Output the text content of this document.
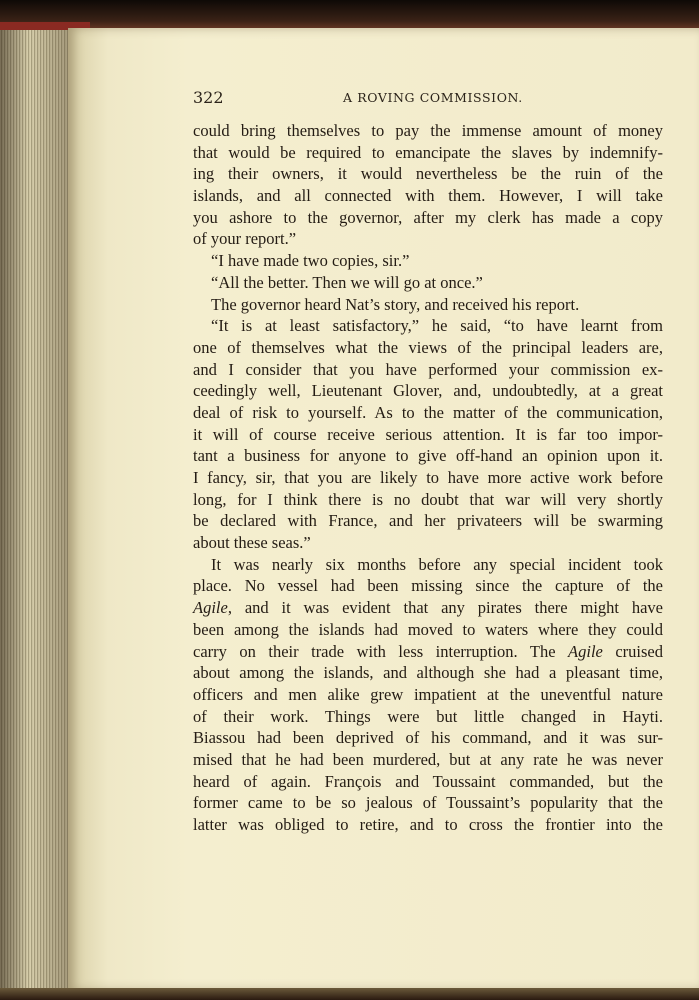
322	A ROVING COMMISSION.
could bring themselves to pay the immense amount of money
that would be required to emancipate the slaves by indemnify-
ing their owners, it would nevertheless be the ruin of the
islands, and all connected with them. However, I will take
you ashore to the governor, after my clerk has made a copy
of your report.”
“I have made two copies, sir.”
“All the better. Then we will go at once.”
The governor heard Nat’s story, and received his report.
“It is at least satisfactory,” he said, “to have learnt from
one of themselves what the views of the principal leaders are,
and I consider that you have performed your commission ex-
ceedingly well, Lieutenant Glover, and, undoubtedly, at a great
deal of risk to yourself. As to the matter of the communication,
it will of course receive serious attention. It is far too impor-
tant a business for anyone to give off-hand an opinion upon it.
I fancy, sir, that you are likely to have more active work before
long, for I think there is no doubt that war will very shortly
be declared with France, and her privateers will be swarming
about these seas.”
It was nearly six months before any special incident took
place. No vessel had been missing since the capture of the
Agile, and it was evident that any pirates there might have
been among the islands had moved to waters where they could
carry on their trade with less interruption. The Agile cruised
about among the islands, and although she had a pleasant time,
officers and men alike grew impatient at the uneventful nature
of their work. Things were but little changed in Hayti.
Biassou had been deprived of his command, and it was sur-
mised that he had been murdered, but at any rate he was never
heard of again. François and Toussaint commanded, but the
former came to be so jealous of Toussaint’s popularity that the
latter was obliged to retire, and to cross the frontier into the
